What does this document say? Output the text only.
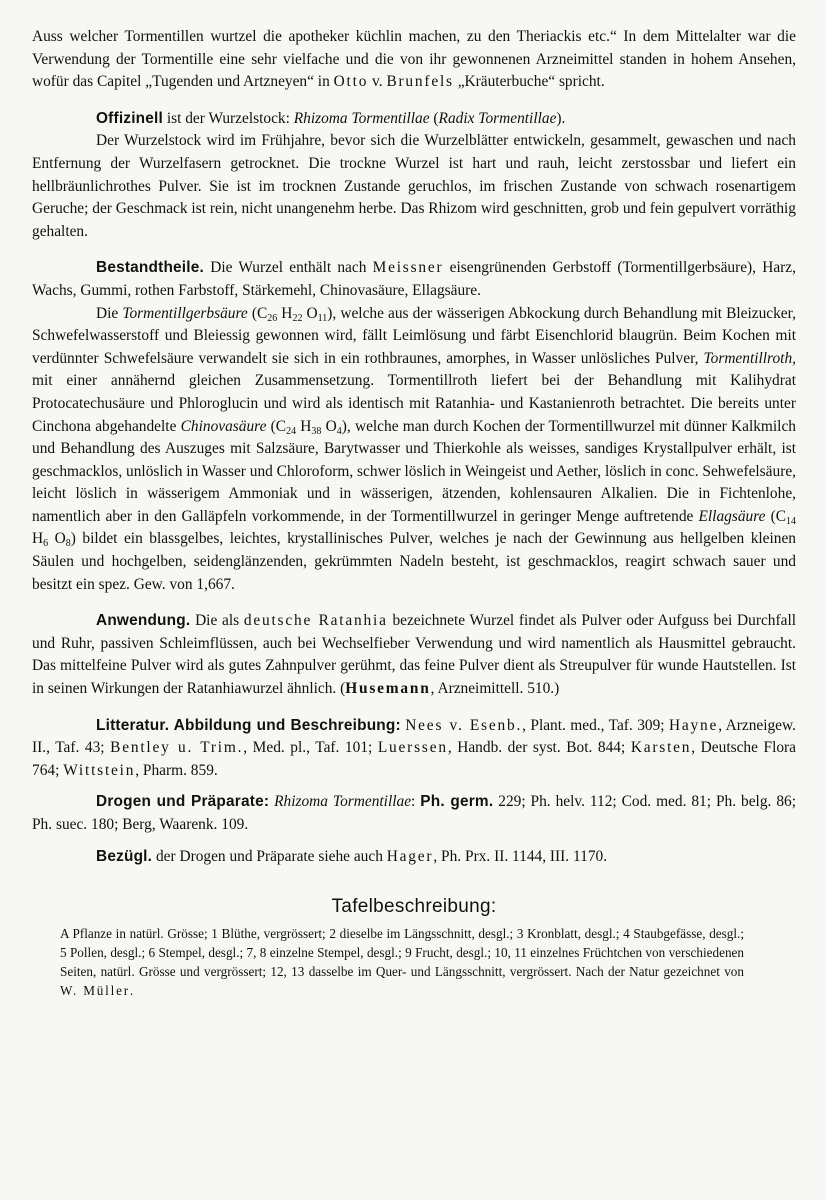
Auss welcher Tormentillen wurtzel die apotheker küchlin machen, zu den Theriackis etc.“ In dem Mittelalter war die Verwendung der Tormentille eine sehr vielfache und die von ihr gewonnenen Arzneimittel standen in hohem Ansehen, wofür das Capitel „Tugenden und Artzneyen“ in Otto v. Brunfels „Kräuterbuche“ spricht.

Offizinell ist der Wurzelstock: Rhizoma Tormentillae (Radix Tormentillae).

Der Wurzelstock wird im Frühjahre, bevor sich die Wurzelblätter entwickeln, gesammelt, gewaschen und nach Entfernung der Wurzelfasern getrocknet. Die trockne Wurzel ist hart und rauh, leicht zerstossbar und liefert ein hellbräunlichrothes Pulver. Sie ist im trocknen Zustande geruchlos, im frischen Zustande von schwach rosenartigem Geruche; der Geschmack ist rein, nicht unangenehm herbe. Das Rhizom wird geschnitten, grob und fein gepulvert vorräthig gehalten.

Bestandtheile. Die Wurzel enthält nach Meissner eisengrünenden Gerbstoff (Tormentillgerbsäure), Harz, Wachs, Gummi, rothen Farbstoff, Stärkemehl, Chinovasäure, Ellagsäure.

Die Tormentillgerbsäure ($C_{26}$ $H_{22}$ $O_{11}$), welche aus der wässerigen Abkockung durch Behandlung mit Bleizucker, Schwefelwasserstoff und Bleiessig gewonnen wird, fällt Leimlösung und färbt Eisenchlorid blaugrün. Beim Kochen mit verdünnter Schwefelsäure verwandelt sie sich in ein rothbraunes, amorphes, in Wasser unlösliches Pulver, Tormentillroth, mit einer annähernd gleichen Zusammensetzung. Tormentillroth liefert bei der Behandlung mit Kalihydrat Protocatechusäure und Phloroglucin und wird als identisch mit Ratanhia- und Kastanienroth betrachtet. Die bereits unter Cinchona abgehandelte Chinovasäure ($C_{24}$ $H_{38}$ $O_4$), welche man durch Kochen der Tormentillwurzel mit dünner Kalkmilch und Behandlung des Auszuges mit Salzsäure, Barytwasser und Thierkohle als weisses, sandiges Krystallpulver erhält, ist geschmacklos, unlöslich in Wasser und Chloroform, schwer löslich in Weingeist und Aether, löslich in conc. Sehwefelsäure, leicht löslich in wässerigem Ammoniak und in wässerigen, ätzenden, kohlensauren Alkalien. Die in Fichtenlohe, namentlich aber in den Galläpfeln vorkommende, in der Tormentillwurzel in geringer Menge auftretende Ellagsäure ($C_{14}$ $H_6$ $O_8$) bildet ein blassgelbes, leichtes, krystallinisches Pulver, welches je nach der Gewinnung aus hellgelben kleinen Säulen und hochgelben, seidenglänzenden, gekrümmten Nadeln besteht, ist geschmacklos, reagirt schwach sauer und besitzt ein spez. Gew. von 1,667.

Anwendung. Die als deutsche Ratanhia bezeichnete Wurzel findet als Pulver oder Aufguss bei Durchfall und Ruhr, passiven Schleimflüssen, auch bei Wechselfieber Verwendung und wird namentlich als Hausmittel gebraucht. Das mittelfeine Pulver wird als gutes Zahnpulver gerühmt, das feine Pulver dient als Streupulver für wunde Hautstellen. Ist in seinen Wirkungen der Ratanhiawurzel ähnlich. (Husemann, Arzneimittell. 510.)

Litteratur. Abbildung und Beschreibung: Nees v. Esenb., Plant. med., Taf. 309; Hayne, Arzneigew. II., Taf. 43; Bentley u. Trim., Med. pl., Taf. 101; Luerssen, Handb. der syst. Bot. 844; Karsten, Deutsche Flora 764; Wittstein, Pharm. 859.

Drogen und Präparate: Rhizoma Tormentillae: Ph. germ. 229; Ph. helv. 112; Cod. med. 81; Ph. belg. 86; Ph. suec. 180; Berg, Waarenk. 109.

Bezügl. der Drogen und Präparate siehe auch Hager, Ph. Prx. II. 1144, III. 1170.

Tafelbeschreibung:

A Pflanze in natürl. Grösse; 1 Blüthe, vergrössert; 2 dieselbe im Längsschnitt, desgl.; 3 Kronblatt, desgl.; 4 Staubgefässe, desgl.; 5 Pollen, desgl.; 6 Stempel, desgl.; 7, 8 einzelne Stempel, desgl.; 9 Frucht, desgl.; 10, 11 einzelnes Früchtchen von verschiedenen Seiten, natürl. Grösse und vergrössert; 12, 13 dasselbe im Quer- und Längsschnitt, vergrössert. Nach der Natur gezeichnet von W. Müller.
